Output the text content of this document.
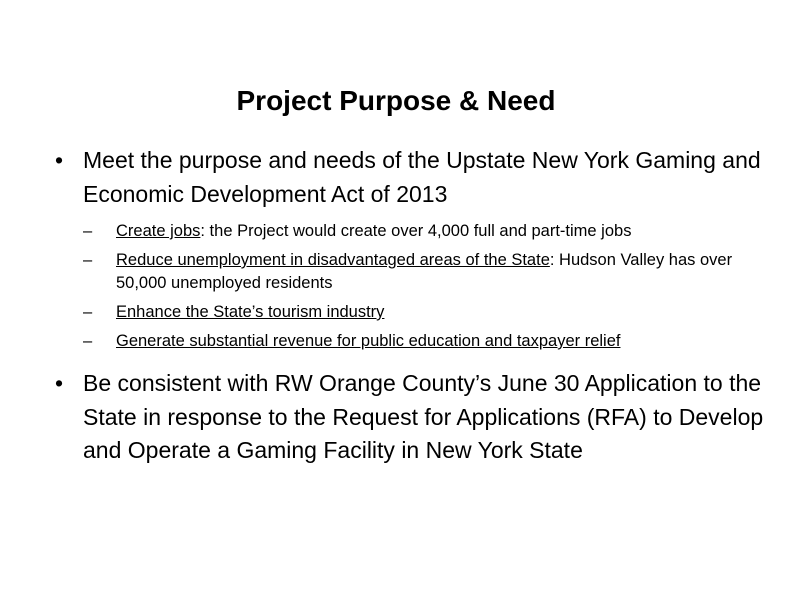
Project Purpose & Need
• Meet the purpose and needs of the Upstate New York Gaming and Economic Development Act of 2013
– Create jobs: the Project would create over 4,000 full and part-time jobs
– Reduce unemployment in disadvantaged areas of the State: Hudson Valley has over 50,000 unemployed residents
– Enhance the State’s tourism industry
– Generate substantial revenue for public education and taxpayer relief
• Be consistent with RW Orange County’s June 30 Application to the State in response to the Request for Applications (RFA) to Develop and Operate a Gaming Facility in New York State
